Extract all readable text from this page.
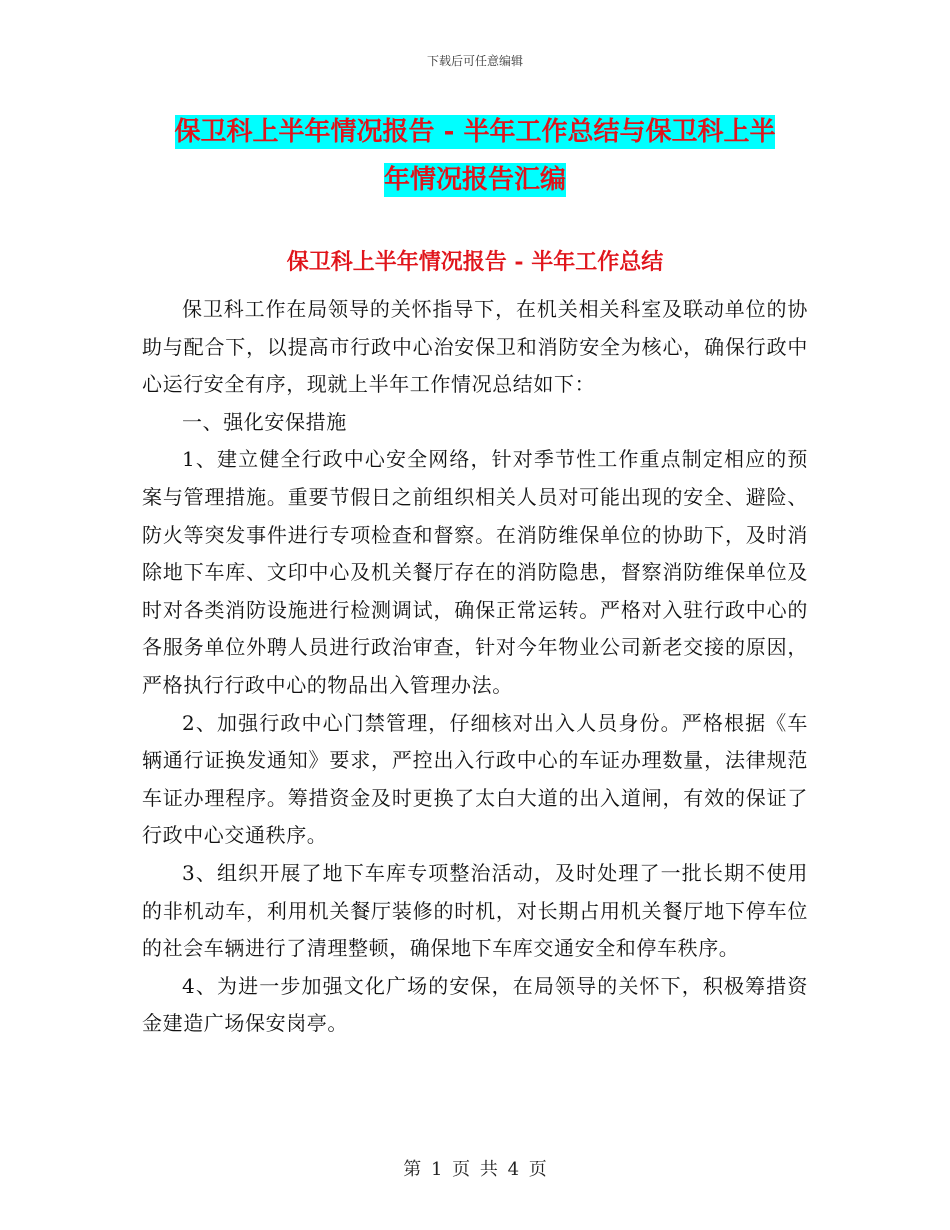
下载后可任意编辑
保卫科上半年情况报告 - 半年工作总结与保卫科上半
年情况报告汇编
保卫科上半年情况报告 - 半年工作总结

保卫科工作在局领导的关怀指导下，在机关相关科室及联动单位的协助与配合下，以提高市行政中心治安保卫和消防安全为核心，确保行政中心运行安全有序，现就上半年工作情况总结如下：

一、强化安保措施

1、建立健全行政中心安全网络，针对季节性工作重点制定相应的预案与管理措施。重要节假日之前组织相关人员对可能出现的安全、避险、防火等突发事件进行专项检查和督察。在消防维保单位的协助下，及时消除地下车库、文印中心及机关餐厅存在的消防隐患，督察消防维保单位及时对各类消防设施进行检测调试，确保正常运转。严格对入驻行政中心的各服务单位外聘人员进行政治审查，针对今年物业公司新老交接的原因，严格执行行政中心的物品出入管理办法。

2、加强行政中心门禁管理，仔细核对出入人员身份。严格根据《车辆通行证换发通知》要求，严控出入行政中心的车证办理数量，法律规范车证办理程序。筹措资金及时更换了太白大道的出入道闸，有效的保证了行政中心交通秩序。

3、组织开展了地下车库专项整治活动，及时处理了一批长期不使用的非机动车，利用机关餐厅装修的时机，对长期占用机关餐厅地下停车位的社会车辆进行了清理整顿，确保地下车库交通安全和停车秩序。

4、为进一步加强文化广场的安保，在局领导的关怀下，积极筹措资金建造广场保安岗亭。

第 1 页 共 4 页
